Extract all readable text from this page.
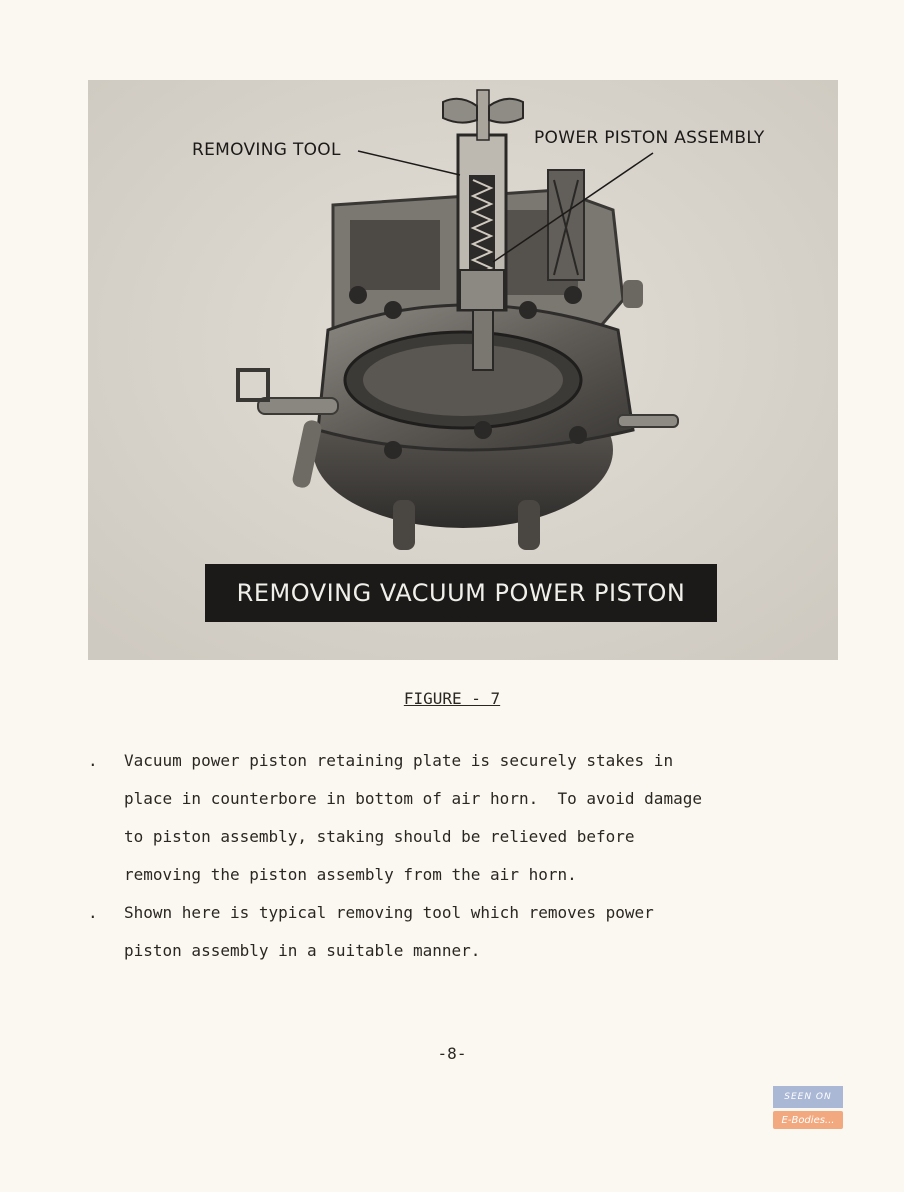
REMOVING TOOL
POWER PISTON ASSEMBLY
REMOVING VACUUM POWER PISTON
FIGURE - 7
. Vacuum power piston retaining plate is securely stakes in
place in counterbore in bottom of air horn.  To avoid damage
to piston assembly, staking should be relieved before
removing the piston assembly from the air horn.
. Shown here is typical removing tool which removes power
piston assembly in a suitable manner.
-8-
SEEN ON
E-Bodies...
